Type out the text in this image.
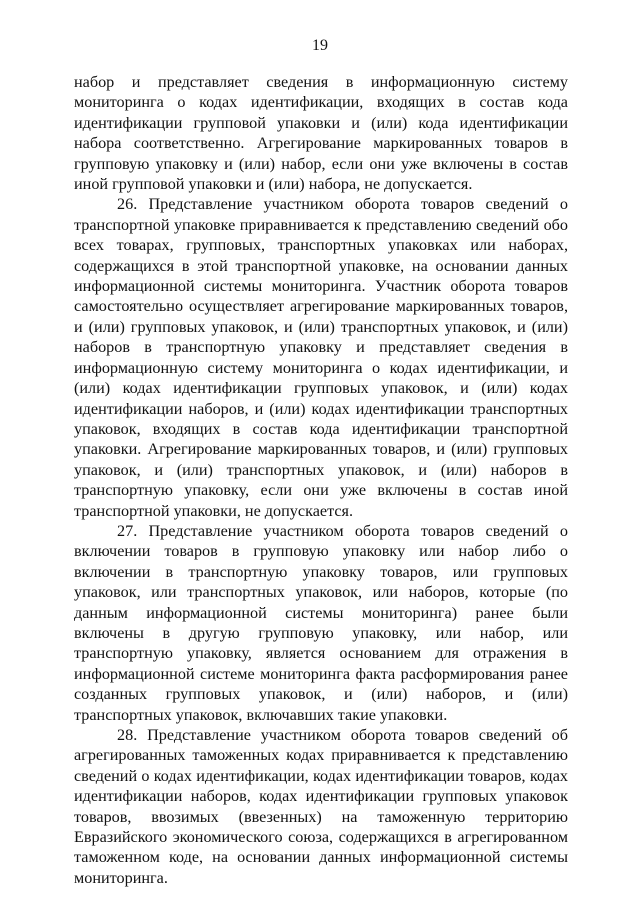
19

набор и представляет сведения в информационную систему мониторинга о кодах идентификации, входящих в состав кода идентификации групповой упаковки и (или) кода идентификации набора соответственно. Агрегирование маркированных товаров в групповую упаковку и (или) набор, если они уже включены в состав иной групповой упаковки и (или) набора, не допускается.

26. Представление участником оборота товаров сведений о транспортной упаковке приравнивается к представлению сведений обо всех товарах, групповых, транспортных упаковках или наборах, содержащихся в этой транспортной упаковке, на основании данных информационной системы мониторинга. Участник оборота товаров самостоятельно осуществляет агрегирование маркированных товаров, и (или) групповых упаковок, и (или) транспортных упаковок, и (или) наборов в транспортную упаковку и представляет сведения в информационную систему мониторинга о кодах идентификации, и (или) кодах идентификации групповых упаковок, и (или) кодах идентификации наборов, и (или) кодах идентификации транспортных упаковок, входящих в состав кода идентификации транспортной упаковки. Агрегирование маркированных товаров, и (или) групповых упаковок, и (или) транспортных упаковок, и (или) наборов в транспортную упаковку, если они уже включены в состав иной транспортной упаковки, не допускается.

27. Представление участником оборота товаров сведений о включении товаров в групповую упаковку или набор либо о включении в транспортную упаковку товаров, или групповых упаковок, или транспортных упаковок, или наборов, которые (по данным информационной системы мониторинга) ранее были включены в другую групповую упаковку, или набор, или транспортную упаковку, является основанием для отражения в информационной системе мониторинга факта расформирования ранее созданных групповых упаковок, и (или) наборов, и (или) транспортных упаковок, включавших такие упаковки.

28. Представление участником оборота товаров сведений об агрегированных таможенных кодах приравнивается к представлению сведений о кодах идентификации, кодах идентификации товаров, кодах идентификации наборов, кодах идентификации групповых упаковок товаров, ввозимых (ввезенных) на таможенную территорию Евразийского экономического союза, содержащихся в агрегированном таможенном коде, на основании данных информационной системы мониторинга.
